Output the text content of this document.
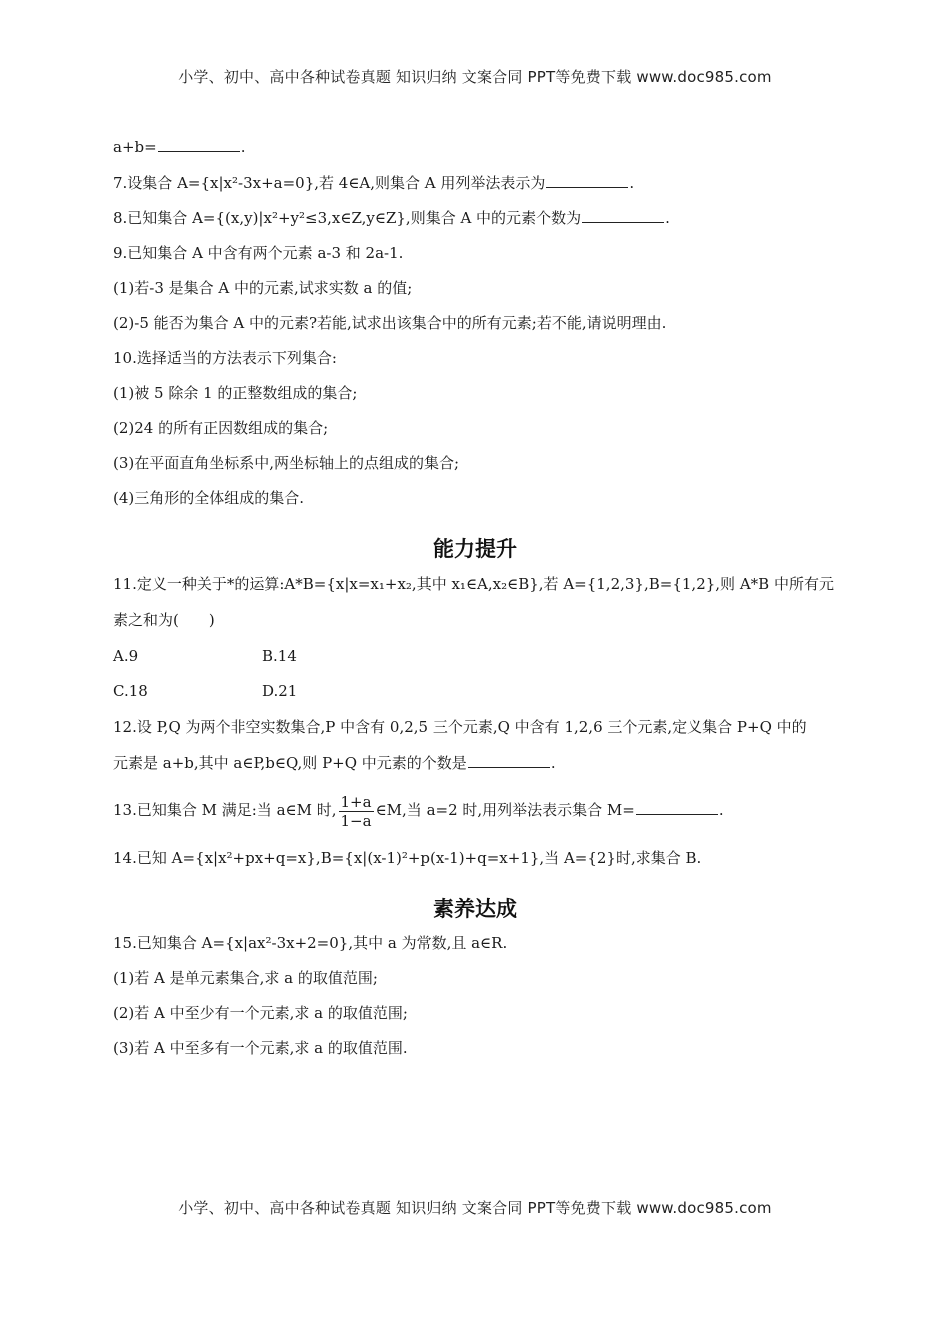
小学、初中、高中各种试卷真题 知识归纳 文案合同 PPT等免费下载 www.doc985.com
a+b=	.
7.设集合 A={x|x²-3x+a=0},若 4∈A,则集合 A 用列举法表示为	.
8.已知集合 A={(x,y)|x²+y²≤3,x∈Z,y∈Z},则集合 A 中的元素个数为	.
9.已知集合 A 中含有两个元素 a-3 和 2a-1.
(1)若-3 是集合 A 中的元素,试求实数 a 的值;
(2)-5 能否为集合 A 中的元素?若能,试求出该集合中的所有元素;若不能,请说明理由.
10.选择适当的方法表示下列集合:
(1)被 5 除余 1 的正整数组成的集合;
(2)24 的所有正因数组成的集合;
(3)在平面直角坐标系中,两坐标轴上的点组成的集合;
(4)三角形的全体组成的集合.
能力提升
11.定义一种关于*的运算:A*B={x|x=x₁+x₂,其中 x₁∈A,x₂∈B},若 A={1,2,3},B={1,2},则 A*B 中所有元
素之和为(　　)
A.9	B.14
C.18	D.21
12.设 P,Q 为两个非空实数集合,P 中含有 0,2,5 三个元素,Q 中含有 1,2,6 三个元素,定义集合 P+Q 中的
元素是 a+b,其中 a∈P,b∈Q,则 P+Q 中元素的个数是	.
13.已知集合 M 满足:当 a∈M 时, $\frac{1+a}{1-a}$ ∈M,当 a=2 时,用列举法表示集合 M=	.
14.已知 A={x|x²+px+q=x},B={x|(x-1)²+p(x-1)+q=x+1},当 A={2}时,求集合 B.
素养达成
15.已知集合 A={x|ax²-3x+2=0},其中 a 为常数,且 a∈R.
(1)若 A 是单元素集合,求 a 的取值范围;
(2)若 A 中至少有一个元素,求 a 的取值范围;
(3)若 A 中至多有一个元素,求 a 的取值范围.
小学、初中、高中各种试卷真题 知识归纳 文案合同 PPT等免费下载 www.doc985.com
